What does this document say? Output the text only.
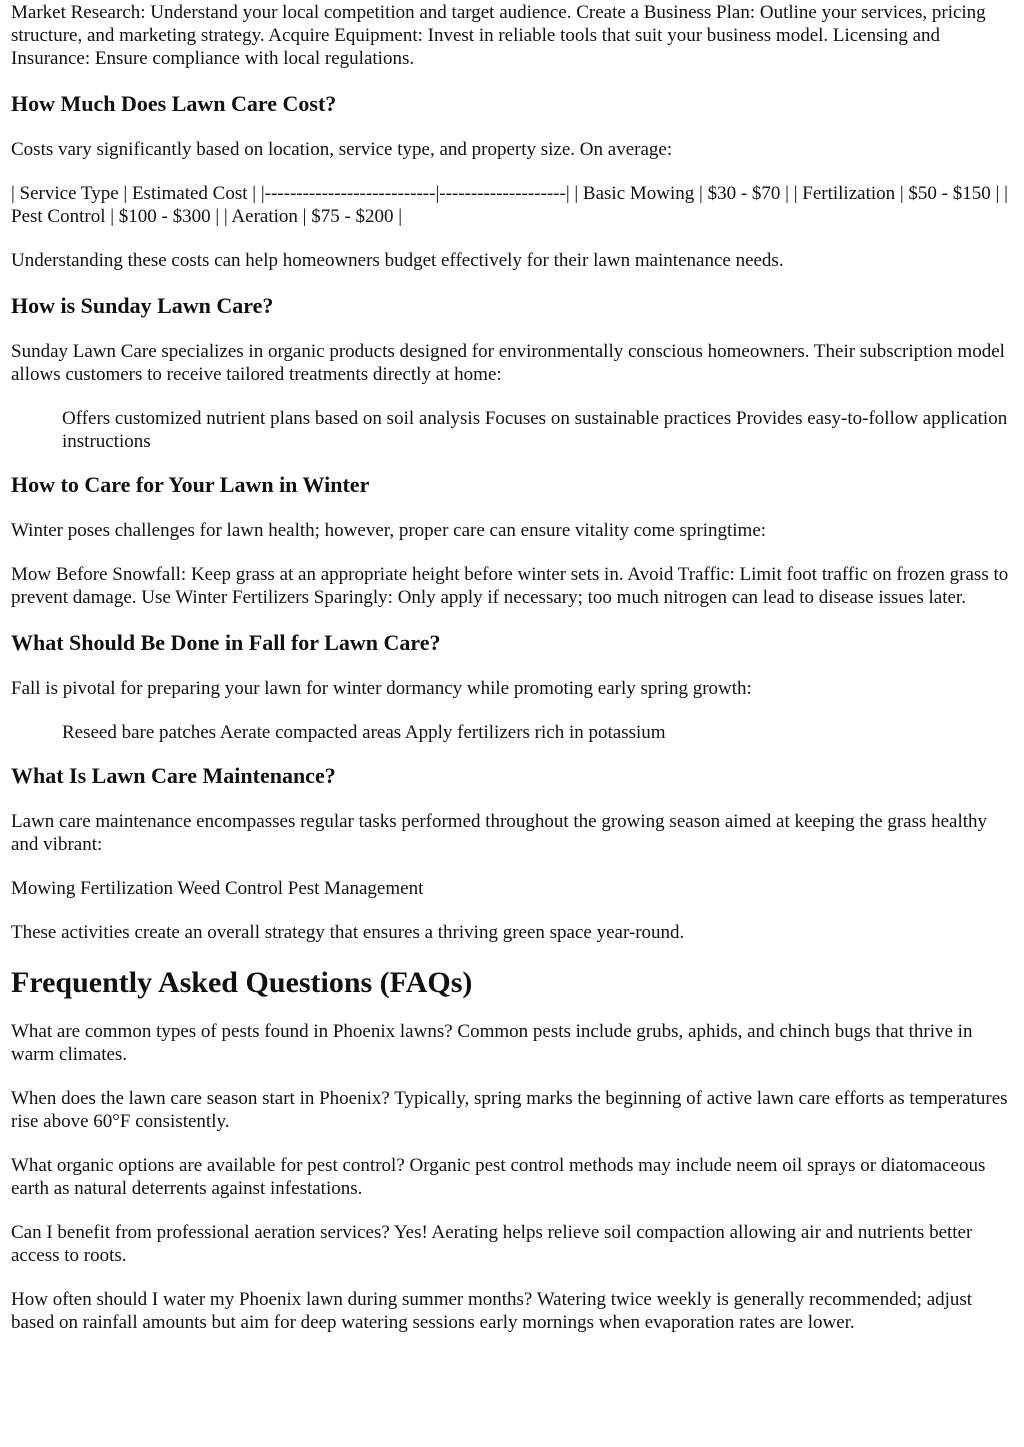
Market Research: Understand your local competition and target audience. Create a Business Plan: Outline your services, pricing structure, and marketing strategy. Acquire Equipment: Invest in reliable tools that suit your business model. Licensing and Insurance: Ensure compliance with local regulations.

How Much Does Lawn Care Cost?

Costs vary significantly based on location, service type, and property size. On average:

| Service Type | Estimated Cost | |---------------------------|--------------------| | Basic Mowing | $30 - $70 | | Fertilization | $50 - $150 | | Pest Control | $100 - $300 | | Aeration | $75 - $200 |

Understanding these costs can help homeowners budget effectively for their lawn maintenance needs.

How is Sunday Lawn Care?

Sunday Lawn Care specializes in organic products designed for environmentally conscious homeowners. Their subscription model allows customers to receive tailored treatments directly at home:

Offers customized nutrient plans based on soil analysis Focuses on sustainable practices Provides easy-to-follow application instructions
How to Care for Your Lawn in Winter

Winter poses challenges for lawn health; however, proper care can ensure vitality come springtime:

Mow Before Snowfall: Keep grass at an appropriate height before winter sets in. Avoid Traffic: Limit foot traffic on frozen grass to prevent damage. Use Winter Fertilizers Sparingly: Only apply if necessary; too much nitrogen can lead to disease issues later.

What Should Be Done in Fall for Lawn Care?

Fall is pivotal for preparing your lawn for winter dormancy while promoting early spring growth:

Reseed bare patches Aerate compacted areas Apply fertilizers rich in potassium
What Is Lawn Care Maintenance?

Lawn care maintenance encompasses regular tasks performed throughout the growing season aimed at keeping the grass healthy and vibrant:

Mowing Fertilization Weed Control Pest Management

These activities create an overall strategy that ensures a thriving green space year-round.

Frequently Asked Questions (FAQs)

What are common types of pests found in Phoenix lawns? Common pests include grubs, aphids, and chinch bugs that thrive in warm climates.

When does the lawn care season start in Phoenix? Typically, spring marks the beginning of active lawn care efforts as temperatures rise above 60°F consistently.

What organic options are available for pest control? Organic pest control methods may include neem oil sprays or diatomaceous earth as natural deterrents against infestations.

Can I benefit from professional aeration services? Yes! Aerating helps relieve soil compaction allowing air and nutrients better access to roots.

How often should I water my Phoenix lawn during summer months? Watering twice weekly is generally recommended; adjust based on rainfall amounts but aim for deep watering sessions early mornings when evaporation rates are lower.
